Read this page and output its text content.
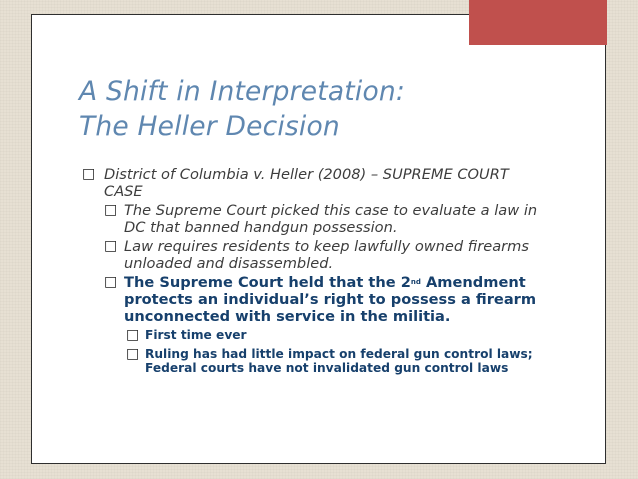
A Shift in Interpretation:
The Heller Decision
□ District of Columbia v. Heller (2008) – SUPREME COURT CASE
□ The Supreme Court picked this case to evaluate a law in DC that banned handgun possession.
□ Law requires residents to keep lawfully owned firearms unloaded and disassembled.
□ The Supreme Court held that the 2nd Amendment protects an individual’s right to possess a firearm unconnected with service in the militia.
□ First time ever
□ Ruling has had little impact on federal gun control laws; Federal courts have not invalidated gun control laws
